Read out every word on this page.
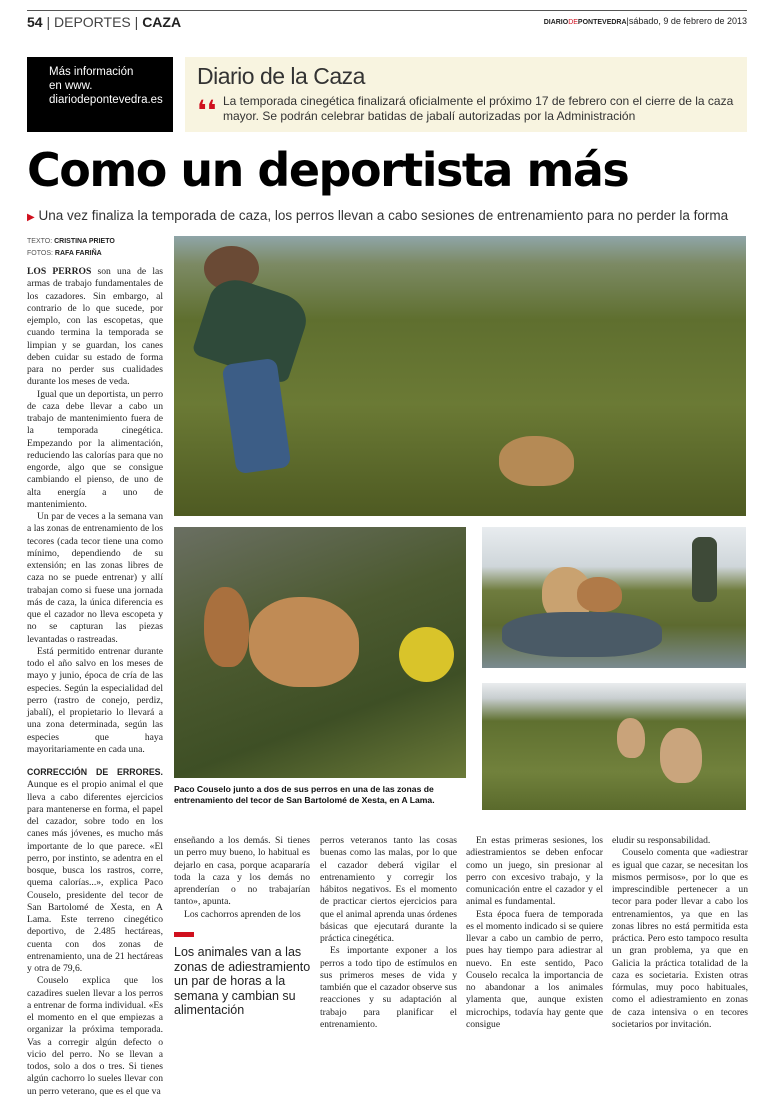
54 | DEPORTES | CAZA	DIARIODEPONTEVEDRA|sábado, 9 de febrero de 2013
Más información
en www.
diariodepontevedra.es
Diario de la Caza
❛❛ La temporada cinegética finalizará oficialmente el próximo 17 de febrero con el cierre de la caza mayor. Se podrán celebrar batidas de jabalí autorizadas por la Administración

Como un deportista más
▶ Una vez finaliza la temporada de caza, los perros llevan a cabo sesiones de entrenamiento para no perder la forma
TEXTO: CRISTINA PRIETO
FOTOS: RAFA FARIÑA
Paco Couselo junto a dos de sus perros en una de las zonas de entrenamiento del tecor de San Bartolomé de Xesta, en A Lama.

LOS PERROS son una de las armas de trabajo fundamentales de los cazadores. Sin embargo, al contrario de lo que sucede, por ejemplo, con las escopetas, que cuando termina la temporada se limpian y se guardan, los canes deben cuidar su estado de forma para no perder sus cualidades durante los meses de veda.

Igual que un deportista, un perro de caza debe llevar a cabo un trabajo de mantenimiento fuera de la temporada cinegética. Empezando por la alimentación, reduciendo las calorías para que no engorde, algo que se consigue cambiando el pienso, de uno de alta energía a uno de mantenimiento.

Un par de veces a la semana van a las zonas de entrenamiento de los tecores (cada tecor tiene una como mínimo, dependiendo de su extensión; en las zonas libres de caza no se puede entrenar) y allí trabajan como si fuese una jornada más de caza, la única diferencia es que el cazador no lleva escopeta y no se capturan las piezas levantadas o rastreadas.

Está permitido entrenar durante todo el año salvo en los meses de mayo y junio, época de cría de las especies. Según la especialidad del perro (rastro de conejo, perdiz, jabalí), el propietario lo llevará a una zona determinada, según las especies que haya mayoritariamente en cada una.

CORRECCIÓN DE ERRORES. Aunque es el propio animal el que lleva a cabo diferentes ejercicios para mantenerse en forma, el papel del cazador, sobre todo en los canes más jóvenes, es mucho más importante de lo que parece. «El perro, por instinto, se adentra en el bosque, busca los rastros, corre, quema calorías...», explica Paco Couselo, presidente del tecor de San Bartolomé de Xesta, en A Lama. Este terreno cinegético deportivo, de 2.485 hectáreas, cuenta con dos zonas de entrenamiento, una de 21 hectáreas y otra de 79,6.

Couselo explica que los cazadires suelen llevar a los perros a entrenar de forma individual. «Es el momento en el que empiezas a organizar la próxima temporada. Vas a corregir algún defecto o vicio del perro. No se llevan a todos, solo a dos o tres. Si tienes algún cachorro lo sueles llevar con un perro veterano, que es el que va

enseñando a los demás. Si tienes un perro muy bueno, lo habitual es dejarlo en casa, porque acapararía toda la caza y los demás no aprenderían o no trabajarían tanto», apunta.

Los cachorros aprenden de los

Los animales van a las zonas de adiestramiento un par de horas a la semana y cambian su alimentación

perros veteranos tanto las cosas buenas como las malas, por lo que el cazador deberá vigilar el entrenamiento y corregir los hábitos negativos. Es el momento de practicar ciertos ejercicios para que el animal aprenda unas órdenes básicas que ejecutará durante la práctica cinegética.

Es importante exponer a los perros a todo tipo de estímulos en sus primeros meses de vida y también que el cazador observe sus reacciones y su adaptación al trabajo para planificar el entrenamiento.

En estas primeras sesiones, los adiestramientos se deben enfocar como un juego, sin presionar al perro con excesivo trabajo, y la comunicación entre el cazador y el animal es fundamental.

Esta época fuera de temporada es el momento indicado si se quiere llevar a cabo un cambio de perro, pues hay tiempo para adiestrar al nuevo. En este sentido, Paco Couselo recalca la importancia de no abandonar a los animales ylamenta que, aunque existen microchips, todavía hay gente que consigue

eludir su responsabilidad.

Couselo comenta que «adiestrar es igual que cazar, se necesitan los mismos permisos», por lo que es imprescindible pertenecer a un tecor para poder llevar a cabo los entrenamientos, ya que en las zonas libres no está permitida esta práctica. Pero esto tampoco resulta un gran problema, ya que en Galicia la práctica totalidad de la caza es societaria. Existen otras fórmulas, muy poco habituales, como el adiestramiento en zonas de caza intensiva o en tecores societarios por invitación.
